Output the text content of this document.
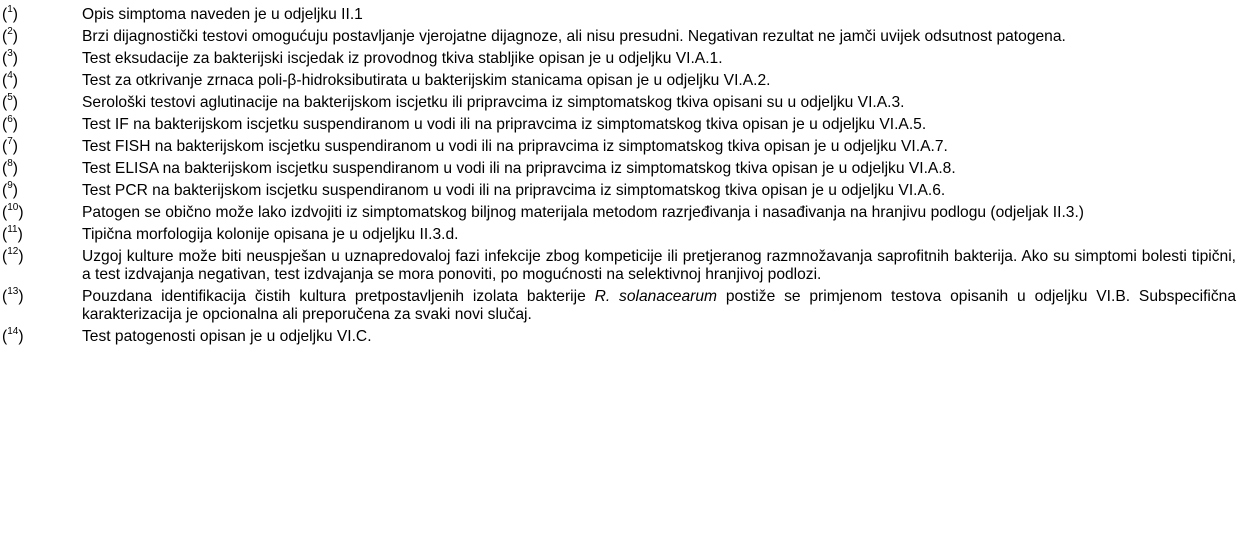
($^1$)	Opis simptoma naveden je u odjeljku II.1
($^2$)	Brzi dijagnostički testovi omogućuju postavljanje vjerojatne dijagnoze, ali nisu presudni. Negativan rezultat ne jamči uvijek odsutnost patogena.
($^3$)	Test eksudacije za bakterijski iscjedak iz provodnog tkiva stabljike opisan je u odjeljku VI.A.1.
($^4$)	Test za otkrivanje zrnaca poli-β-hidroksibutirata u bakterijskim stanicama opisan je u odjeljku VI.A.2.
($^5$)	Serološki testovi aglutinacije na bakterijskom iscjetku ili pripravcima iz simptomatskog tkiva opisani su u odjeljku VI.A.3.
($^6$)	Test IF na bakterijskom iscjetku suspendiranom u vodi ili na pripravcima iz simptomatskog tkiva opisan je u odjeljku VI.A.5.
($^7$)	Test FISH na bakterijskom iscjetku suspendiranom u vodi ili na pripravcima iz simptomatskog tkiva opisan je u odjeljku VI.A.7.
($^8$)	Test ELISA na bakterijskom iscjetku suspendiranom u vodi ili na pripravcima iz simptomatskog tkiva opisan je u odjeljku VI.A.8.
($^9$)	Test PCR na bakterijskom iscjetku suspendiranom u vodi ili na pripravcima iz simptomatskog tkiva opisan je u odjeljku VI.A.6.
($^{10}$)	Patogen se obično može lako izdvojiti iz simptomatskog biljnog materijala metodom razrjeđivanja i nasađivanja na hranjivu podlogu (odjeljak II.3.)
($^{11}$)	Tipična morfologija kolonije opisana je u odjeljku II.3.d.
($^{12}$)	Uzgoj kulture može biti neuspješan u uznapredovaloj fazi infekcije zbog kompeticije ili pretjeranog razmnožavanja saprofitnih bakterija. Ako su simptomi bolesti tipični, a test izdvajanja negativan, test izdvajanja se mora ponoviti, po mogućnosti na selektivnoj hranjivoj podlozi.
($^{13}$)	Pouzdana identifikacija čistih kultura pretpostavljenih izolata bakterije R. solanacearum postiže se primjenom testova opisanih u odjeljku VI.B. Subspecifična karakterizacija je opcionalna ali preporučena za svaki novi slučaj.
($^{14}$)	Test patogenosti opisan je u odjeljku VI.C.
